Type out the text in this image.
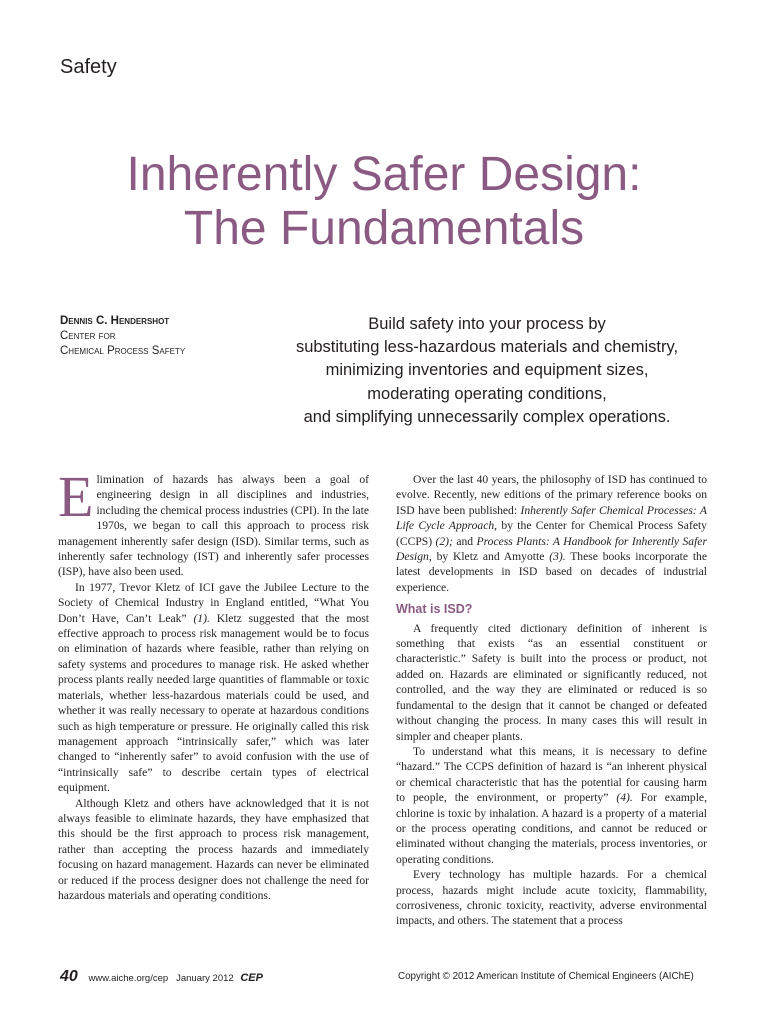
Safety
Inherently Safer Design:
The Fundamentals
Dennis C. Hendershot
Center for
Chemical Process Safety
Build safety into your process by
substituting less-hazardous materials and chemistry,
minimizing inventories and equipment sizes,
moderating operating conditions,
and simplifying unnecessarily complex operations.

Elimination of hazards has always been a goal of engineering design in all disciplines and industries, including the chemical process industries (CPI). In the late 1970s, we began to call this approach to process risk management inherently safer design (ISD). Similar terms, such as inherently safer technology (IST) and inherently safer processes (ISP), have also been used.

In 1977, Trevor Kletz of ICI gave the Jubilee Lecture to the Society of Chemical Industry in England entitled, “What You Don’t Have, Can’t Leak” (1). Kletz suggested that the most effective approach to process risk management would be to focus on elimination of hazards where feasible, rather than relying on safety systems and procedures to manage risk. He asked whether process plants really needed large quantities of flammable or toxic materials, whether less-hazardous materials could be used, and whether it was really necessary to operate at hazardous conditions such as high temperature or pressure. He originally called this risk management approach “intrinsically safer,” which was later changed to “inherently safer” to avoid confusion with the use of “intrinsically safe” to describe certain types of electrical equipment.

Although Kletz and others have acknowledged that it is not always feasible to eliminate hazards, they have emphasized that this should be the first approach to process risk management, rather than accepting the process hazards and immediately focusing on hazard management. Hazards can never be eliminated or reduced if the process designer does not challenge the need for hazardous materials and operating conditions.

Over the last 40 years, the philosophy of ISD has continued to evolve. Recently, new editions of the primary reference books on ISD have been published: Inherently Safer Chemical Processes: A Life Cycle Approach, by the Center for Chemical Process Safety (CCPS) (2); and Process Plants: A Handbook for Inherently Safer Design, by Kletz and Amyotte (3). These books incorporate the latest developments in ISD based on decades of industrial experience.

What is ISD?

A frequently cited dictionary definition of inherent is something that exists “as an essential constituent or characteristic.” Safety is built into the process or product, not added on. Hazards are eliminated or significantly reduced, not controlled, and the way they are eliminated or reduced is so fundamental to the design that it cannot be changed or defeated without changing the process. In many cases this will result in simpler and cheaper plants.

To understand what this means, it is necessary to define “hazard.” The CCPS definition of hazard is “an inherent physical or chemical characteristic that has the potential for causing harm to people, the environment, or property” (4). For example, chlorine is toxic by inhalation. A hazard is a property of a material or the process operating conditions, and cannot be reduced or eliminated without changing the materials, process inventories, or operating conditions.

Every technology has multiple hazards. For a chemical process, hazards might include acute toxicity, flammability, corrosiveness, chronic toxicity, reactivity, adverse environmental impacts, and others. The statement that a process

40 www.aiche.org/cep January 2012 CEP	Copyright © 2012 American Institute of Chemical Engineers (AIChE)
